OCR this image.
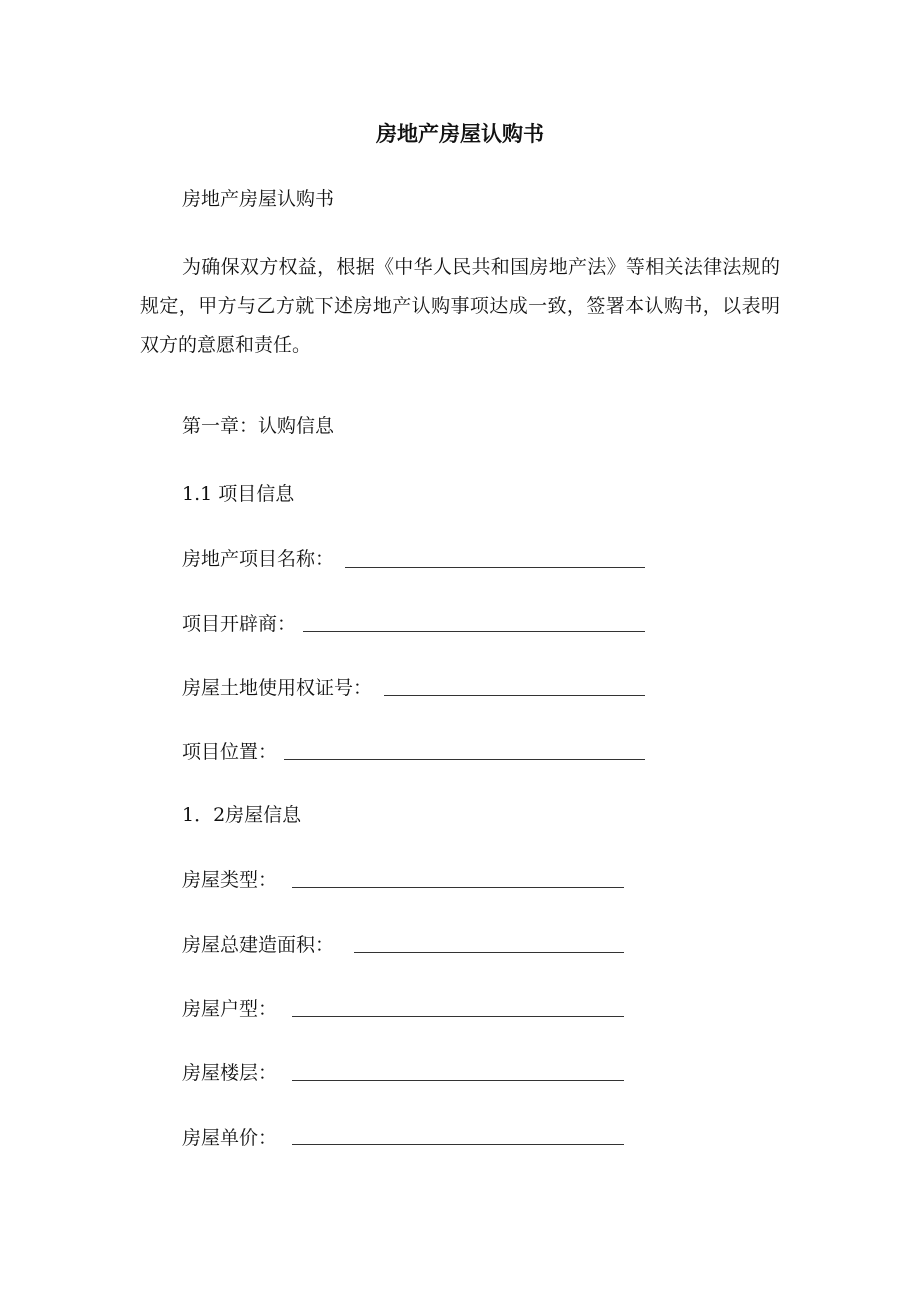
房地产房屋认购书
房地产房屋认购书
为确保双方权益，根据《中华人民共和国房地产法》等相关法律法规的规定，甲方与乙方就下述房地产认购事项达成一致，签署本认购书，以表明双方的意愿和责任。
第一章：认购信息
1.1 项目信息
房地产项目名称：
项目开辟商：
房屋土地使用权证号：
项目位置：
1．2房屋信息
房屋类型：
房屋总建造面积：
房屋户型：
房屋楼层：
房屋单价：
